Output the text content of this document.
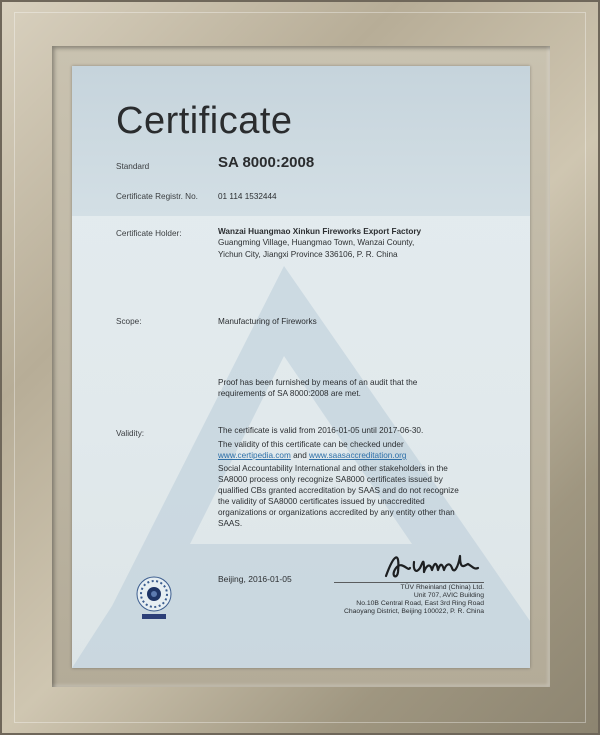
Certificate
Standard	SA 8000:2008
Certificate Registr. No. 01 114 1532444
Certificate Holder:	Wanzai Huangmao Xinkun Fireworks Export Factory
Guangming Village, Huangmao Town, Wanzai County,
Yichun City, Jiangxi Province 336106, P. R. China
Scope:	Manufacturing of Fireworks
Proof has been furnished by means of an audit that the
requirements of SA 8000:2008 are met.
Validity:	The certificate is valid from 2016-01-05 until 2017-06-30.
The validity of this certificate can be checked under
www.certipedia.com and www.saasaccreditation.org
Social Accountability International and other stakeholders in the
SA8000 process only recognize SA8000 certificates issued by
qualified CBs granted accreditation by SAAS and do not recognize
the validity of SA8000 certificates issued by unaccredited
organizations or organizations accredited by any entity other than
SAAS.
Beijing, 2016-01-05
TÜV Rheinland (China) Ltd.
Unit 707, AVIC Building
No.10B Central Road, East 3rd Ring Road
Chaoyang District, Beijing 100022, P. R. China
